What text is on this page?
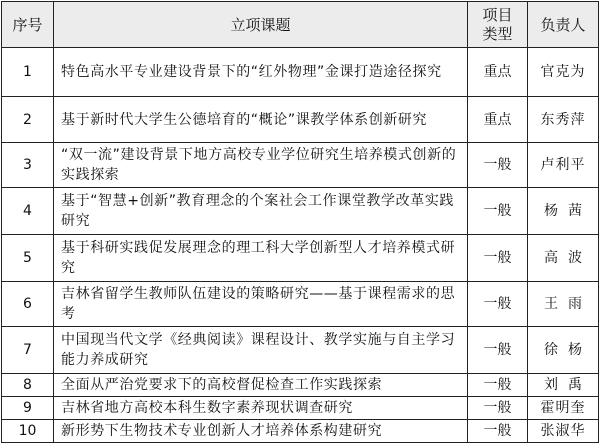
序号	立项课题	项目类型	负责人
1	特色高水平专业建设背景下的“红外物理”金课打造途径探究	重点	官克为
2	基于新时代大学生公德培育的“概论”课教学体系创新研究	重点	东秀萍
3	“双一流”建设背景下地方高校专业学位研究生培养模式创新的实践探索	一般	卢利平
4	基于“智慧+创新”教育理念的个案社会工作课堂教学改革实践研究	一般	杨茜
5	基于科研实践促发展理念的理工科大学创新型人才培养模式研究	一般	高波
6	吉林省留学生教师队伍建设的策略研究——基于课程需求的思考	一般	王雨
7	中国现当代文学《经典阅读》课程设计、教学实施与自主学习能力养成研究	一般	徐杨
8	全面从严治党要求下的高校督促检查工作实践探索	一般	刘禹
9	吉林省地方高校本科生数字素养现状调查研究	一般	霍明奎
10	新形势下生物技术专业创新人才培养体系构建研究	一般	张淑华
